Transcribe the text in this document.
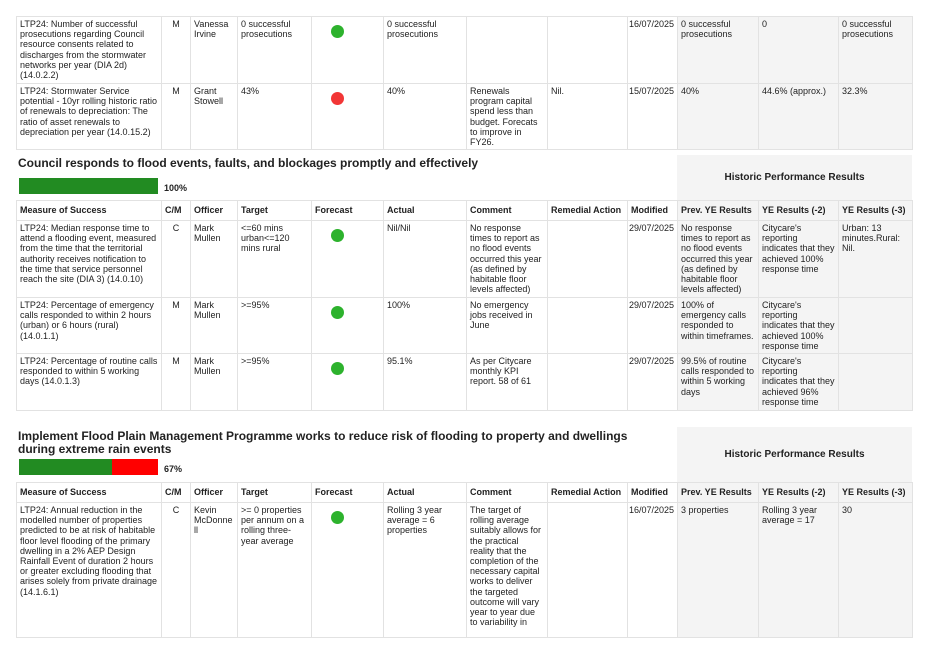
LTP24: Number of successful prosecutions regarding Council resource consents related to discharges from the stormwater networks per year (DIA 2d) (14.0.2.2)	M	Vanessa Irvine	0 successful prosecutions	
	0 successful prosecutions			16/07/2025	0 successful prosecutions	0	0 successful prosecutions
LTP24: Stormwater Service potential - 10yr rolling historic ratio of renewals to depreciation: The ratio of asset renewals to depreciation per year (14.0.15.2)	M	Grant Stowell	43%		40%	Renewals program capital spend less than budget. Forecats to improve in FY26.	Nil.	15/07/2025	40%	44.6% (approx.)	32.3%
Council responds to flood events, faults, and blockages promptly and effectively
100%
Historic Performance Results
Measure of Success	C/M	Officer	Target	Forecast	Actual	Comment	Remedial Action	Modified	Prev. YE Results	YE Results (-2)	YE Results (-3)
LTP24: Median response time to attend a flooding event, measured from the time that the territorial authority receives notification to the time that service personnel reach the site (DIA 3) (14.0.10)	C	Mark Mullen	<=60 mins urban<=120 mins rural	
	Nil/Nil	No response times to report as no flood events occurred this year (as defined by habitable floor levels affected)		29/07/2025	No response times to report as no flood events occurred this year (as defined by habitable floor levels affected)	Citycare's reporting indicates that they achieved 100% response time	Urban: 13 minutes.Rural: Nil.
LTP24: Percentage of emergency calls responded to within 2 hours (urban) or 6 hours (rural) (14.0.1.1)	M	Mark Mullen	>=95%		100%	No emergency jobs received in June		29/07/2025	100% of emergency calls responded to within timeframes.	Citycare's reporting indicates that they achieved 100% response time	
LTP24: Percentage of routine calls responded to within 5 working days (14.0.1.3)	M	Mark Mullen	>=95%		95.1%	As per Citycare monthly KPI report. 58 of 61		29/07/2025	99.5% of routine calls responded to within 5 working days	Citycare's reporting indicates that they achieved 96% response time	
Implement Flood Plain Management Programme works to reduce risk of flooding to property and dwellings during extreme rain events
67%
Historic Performance Results
Measure of Success	C/M	Officer	Target	Forecast	Actual	Comment	Remedial Action	Modified	Prev. YE Results	YE Results (-2)	YE Results (-3)
LTP24: Annual reduction in the modelled number of properties predicted to be at risk of habitable floor level flooding of the primary dwelling in a 2% AEP Design Rainfall Event of duration 2 hours or greater excluding flooding that arises solely from private drainage (14.1.6.1)	C	Kevin McDonnell	>= 0 properties per annum on a rolling three-year average	
	Rolling 3 year average = 6 properties	The target of rolling average suitably allows for the practical reality that the completion of the necessary capital works to deliver the targeted outcome will vary year to year due to variability in		16/07/2025	3 properties	Rolling 3 year average = 17	30
